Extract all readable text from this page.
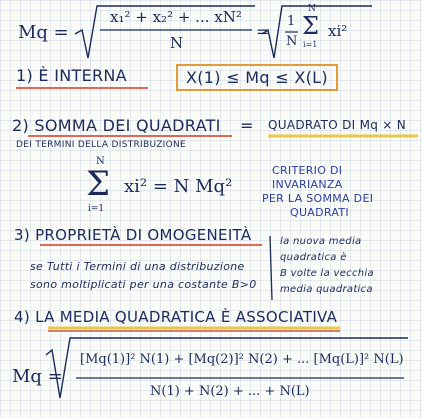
Mq =
x₁² + x₂² + ... xN²
N
=
1
N
N
Σ
i=1
xi²
1) È INTERNA	X(1) ≤ Mq ≤ X(L)
2) SOMMA DEI QUADRATI = QUADRATO DI Mq × N
DEI TERMINI DELLA DISTRIBUZIONE
N
Σ
i=1
xi² = N Mq²
CRITERIO DI
INVARIANZA
PER LA SOMMA DEI
QUADRATI
3) PROPRIETÀ DI OMOGENEITÀ
se Tutti i Termini di una distribuzione
sono moltiplicati per una costante B>0
la nuova media
quadratica è
B volte la vecchia
media quadratica
4) LA MEDIA QUADRATICA È ASSOCIATIVA
Mq =
[Mq(1)]² N(1) + [Mq(2)]² N(2) + ... [Mq(L)]² N(L)
N(1) + N(2) + ... + N(L)
